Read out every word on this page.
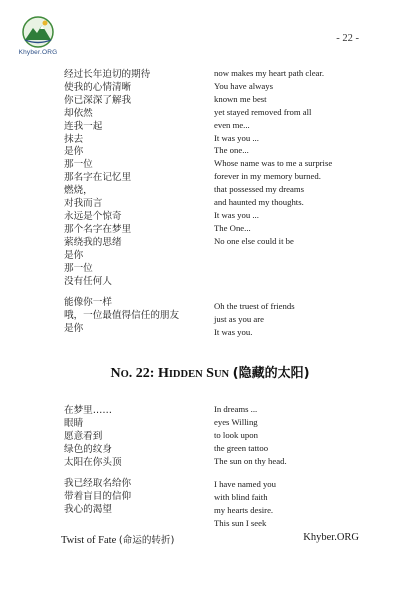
Khyber.ORG
- 22 -
经过长年迫切的期待
使我的心情清晰
你已深深了解我
却依然
连我一起
抹去
是你
那一位
那名字在记忆里
燃烧，
对我而言
永远是个惊奇
那个名字在梦里
萦绕我的思绪
是你
那一位
没有任何人
now makes my heart path clear.
You have always
known me best
yet stayed removed from all
even me...
It was you ...
The one...
Whose name was to me a surprise
forever in my memory burned.
that possessed my dreams
and haunted my thoughts.
It was you ...
The One...
No one else could it be
能像你一样
哦，一位最值得信任的朋友
是你
Oh the truest of friends
just as you are
It was you.
NO. 22: HIDDEN SUN (隐藏的太阳)
在梦里……
眼睛
愿意看到
绿色的纹身
太阳在你头顶
In dreams ...
eyes Willing
to look upon
the green tattoo
The sun on thy head.
我已经取名给你
带着盲目的信仰
我心的渴望
I have named you
with blind faith
my hearts desire.
This sun I seek
Twist of Fate (命运的转折)	Khyber.ORG
